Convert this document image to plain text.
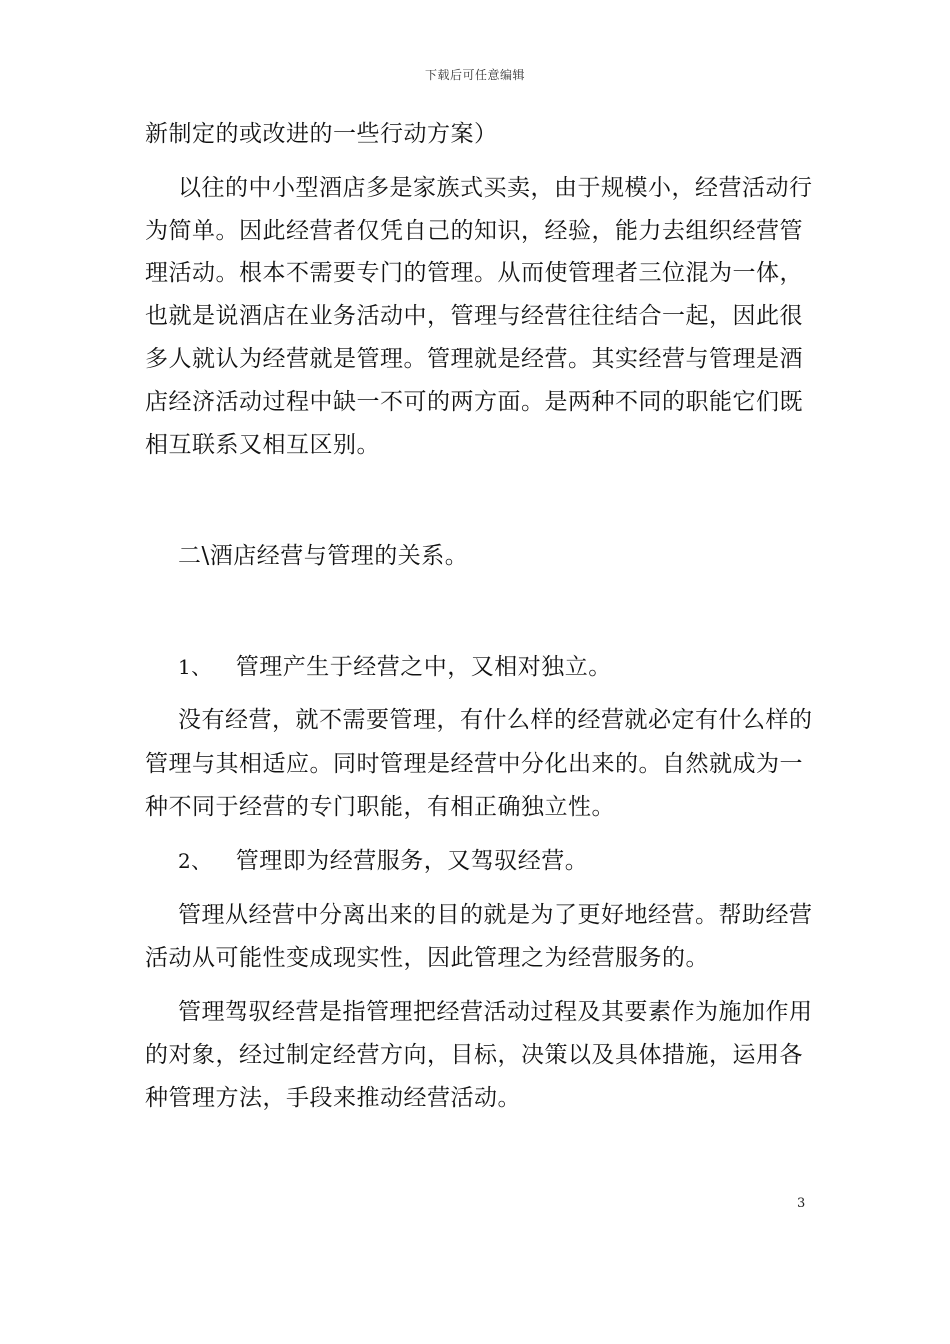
下载后可任意编辑
新制定的或改进的一些行动方案）
以往的中小型酒店多是家族式买卖，由于规模小，经营活动行
为简单。因此经营者仅凭自己的知识，经验，能力去组织经营管
理活动。根本不需要专门的管理。从而使管理者三位混为一体，
也就是说酒店在业务活动中，管理与经营往往结合一起，因此很
多人就认为经营就是管理。管理就是经营。其实经营与管理是酒
店经济活动过程中缺一不可的两方面。是两种不同的职能它们既
相互联系又相互区别。
二\酒店经营与管理的关系。
1、 管理产生于经营之中，又相对独立。
没有经营，就不需要管理，有什么样的经营就必定有什么样的
管理与其相适应。同时管理是经营中分化出来的。自然就成为一
种不同于经营的专门职能，有相正确独立性。
2、 管理即为经营服务，又驾驭经营。
管理从经营中分离出来的目的就是为了更好地经营。帮助经营
活动从可能性变成现实性，因此管理之为经营服务的。
管理驾驭经营是指管理把经营活动过程及其要素作为施加作用
的对象，经过制定经营方向，目标，决策以及具体措施，运用各
种管理方法，手段来推动经营活动。
3
